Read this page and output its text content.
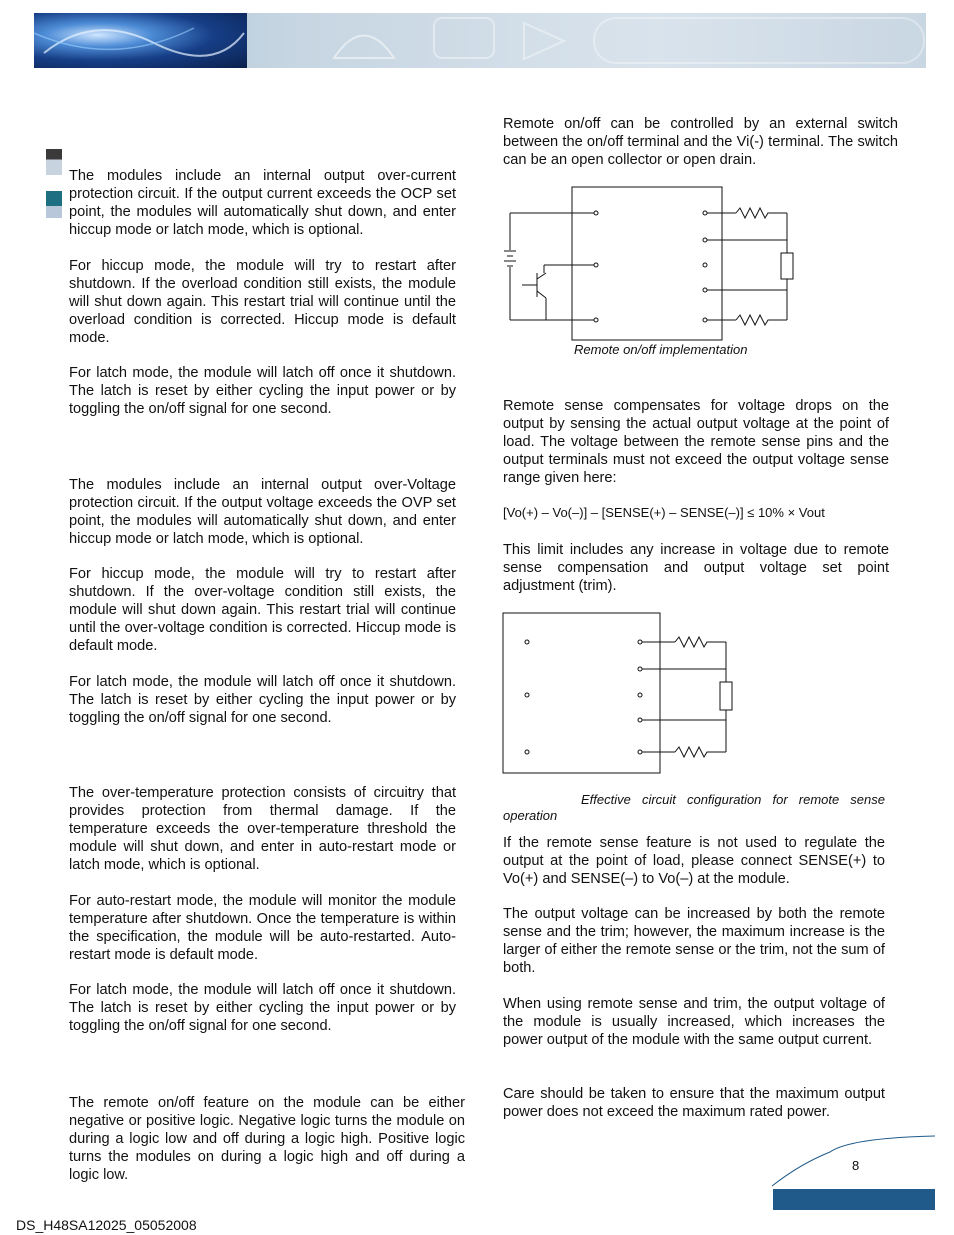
The modules include an internal output over-current protection circuit. If the output current exceeds the OCP set point, the modules will automatically shut down, and enter hiccup mode or latch mode, which is optional.

For hiccup mode, the module will try to restart after shutdown. If the overload condition still exists, the module will shut down again. This restart trial will continue until the overload condition is corrected. Hiccup mode is default mode.

For latch mode, the module will latch off once it shutdown. The latch is reset by either cycling the input power or by toggling the on/off signal for one second.

The modules include an internal output over-Voltage protection circuit. If the output voltage exceeds the OVP set point, the modules will automatically shut down, and enter hiccup mode or latch mode, which is optional.

For hiccup mode, the module will try to restart after shutdown. If the over-voltage condition still exists, the module will shut down again. This restart trial will continue until the over-voltage condition is corrected. Hiccup mode is default mode.

For latch mode, the module will latch off once it shutdown. The latch is reset by either cycling the input power or by toggling the on/off signal for one second.

The over-temperature protection consists of circuitry that provides protection from thermal damage. If the temperature exceeds the over-temperature threshold the module will shut down, and enter in auto-restart mode or latch mode, which is optional.

For auto-restart mode, the module will monitor the module temperature after shutdown. Once the temperature is within the specification, the module will be auto-restarted. Auto-restart mode is default mode.

For latch mode, the module will latch off once it shutdown. The latch is reset by either cycling the input power or by toggling the on/off signal for one second.

The remote on/off feature on the module can be either negative or positive logic. Negative logic turns the module on during a logic low and off during a logic high. Positive logic turns the modules on during a logic high and off during a logic low.

Remote on/off can be controlled by an external switch between the on/off terminal and the Vi(-) terminal. The switch can be an open collector or open drain.

Remote on/off implementation

Remote sense compensates for voltage drops on the output by sensing the actual output voltage at the point of load. The voltage between the remote sense pins and the output terminals must not exceed the output voltage sense range given here:

[Vo(+) – Vo(–)] – [SENSE(+) – SENSE(–)] ≤ 10% × Vout

This limit includes any increase in voltage due to remote sense compensation and output voltage set point adjustment (trim).

Effective circuit configuration for remote sense operation

If the remote sense feature is not used to regulate the output at the point of load, please connect SENSE(+) to Vo(+) and SENSE(–) to Vo(–) at the module.

The output voltage can be increased by both the remote sense and the trim; however, the maximum increase is the larger of either the remote sense or the trim, not the sum of both.

When using remote sense and trim, the output voltage of the module is usually increased, which increases the power output of the module with the same output current.

Care should be taken to ensure that the maximum output power does not exceed the maximum rated power.

8

DS_H48SA12025_05052008
